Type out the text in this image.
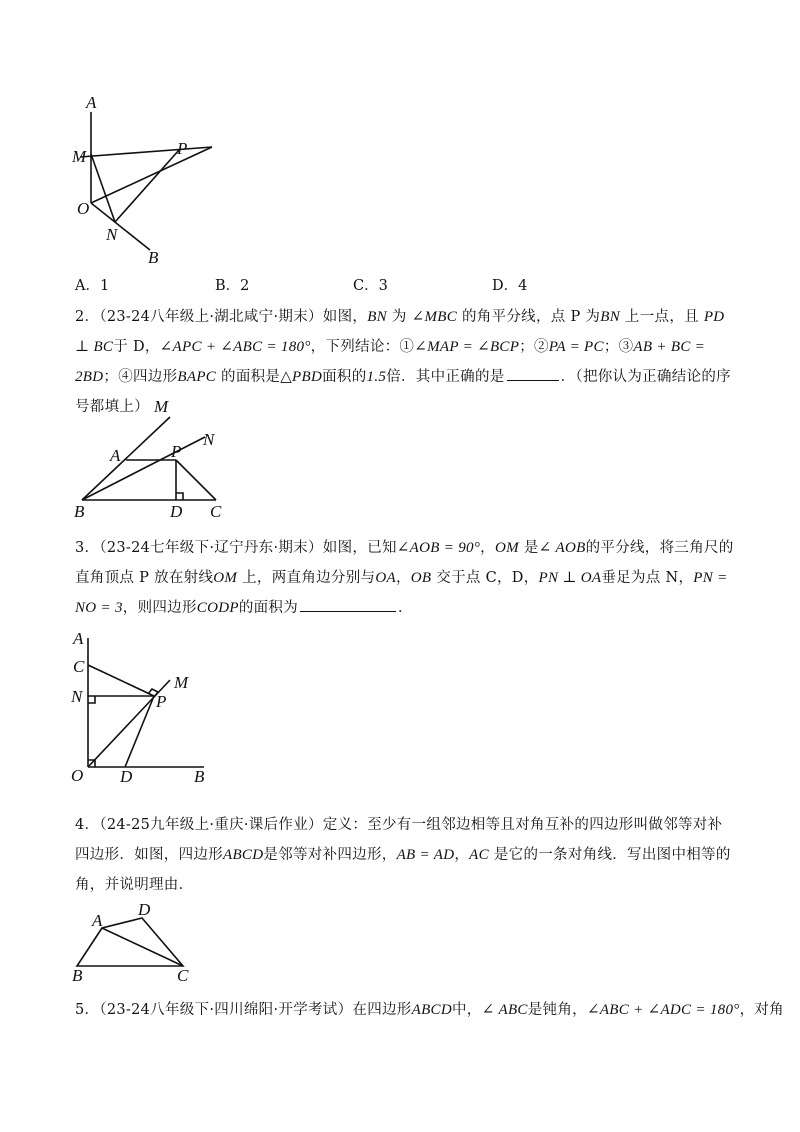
A
M	P
O
N
B
A．1	B．2	C．3	D．4
2．（23-24八年级上·湖北咸宁·期末）如图，BN 为 ∠MBC 的角平分线，点 P 为BN 上一点，且 PD ⊥ BC于 D，∠APC + ∠ABC = 180°，下列结论：①∠MAP = ∠BCP；②PA = PC；③AB + BC = 2BD；④四边形BAPC 的面积是△PBD面积的1.5倍．其中正确的是	．（把你认为正确结论的序号都填上） M
N
A	P
B	D C
3．（23-24七年级下·辽宁丹东·期末）如图，已知∠AOB = 90°，OM 是∠ AOB的平分线，将三角尺的直角顶点 P 放在射线OM 上，两直角边分别与OA，OB 交于点 C，D，PN ⊥ OA垂足为点 N，PN = NO = 3，则四边形CODP的面积为	．
A
C
N
M
P
O D	B
4．（24-25九年级上·重庆·课后作业）定义：至少有一组邻边相等且对角互补的四边形叫做邻等对补四边形．如图，四边形ABCD是邻等对补四边形，AB = AD，AC 是它的一条对角线．写出图中相等的角，并说明理由．
A
D
B	C
5．（23-24八年级下·四川绵阳·开学考试）在四边形ABCD中，∠ ABC是钝角，∠ABC + ∠ADC = 180°，对角
